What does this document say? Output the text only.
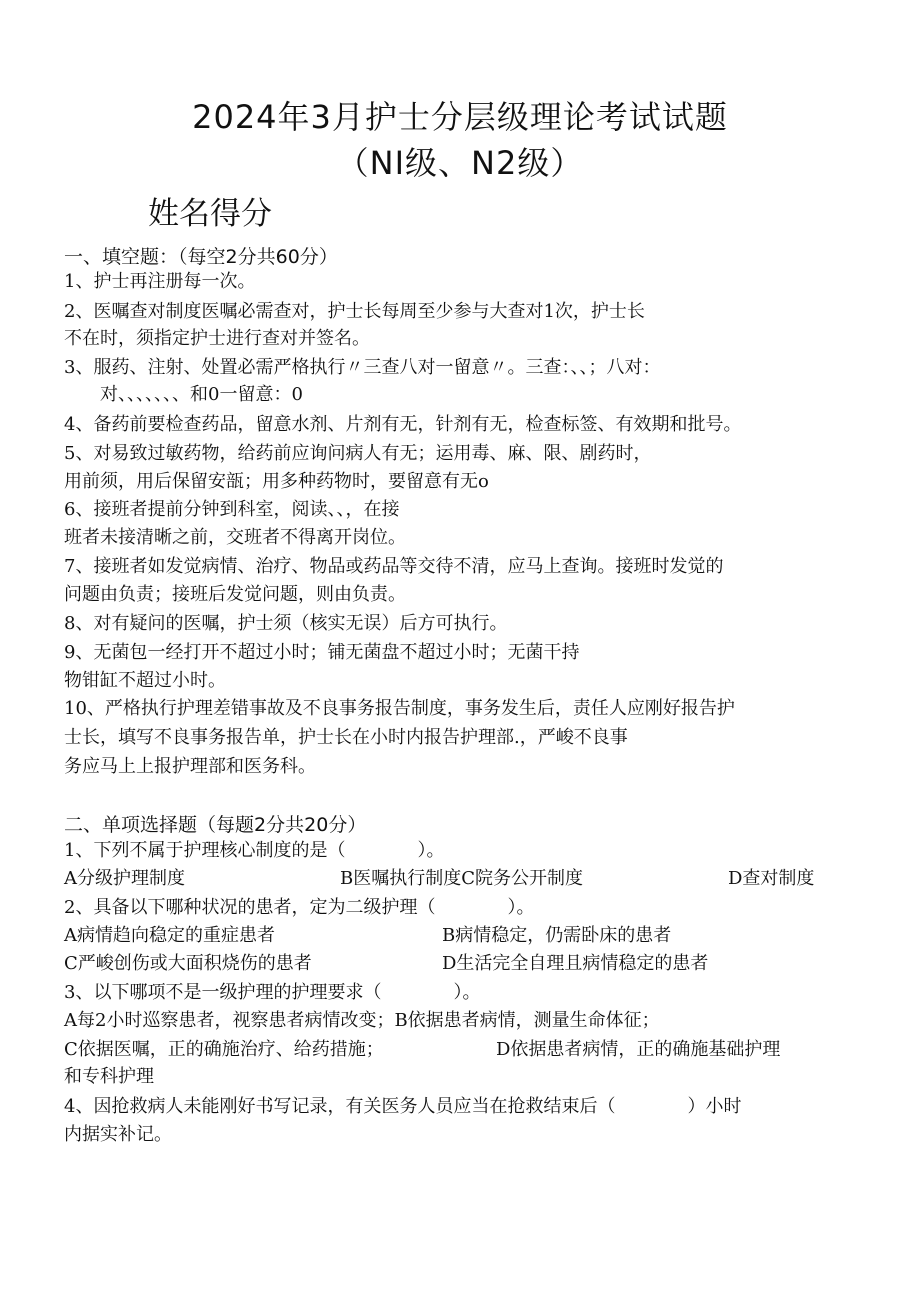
2024年3月护士分层级理论考试试题
（NI级、N2级）
姓名得分
一、填空题：（每空2分共60分）
1、护士再注册每一次。
2、医嘱查对制度医嘱必需查对，护士长每周至少参与大查对1次，护士长
不在时，须指定护士进行查对并签名。
3、服药、注射、处置必需严格执行〃三查八对一留意〃。三查：、、；八对：
　　对、、、、、、、和0一留意：0
4、备药前要检查药品，留意水剂、片剂有无，针剂有无，检查标签、有效期和批号。
5、对易致过敏药物，给药前应询问病人有无；运用毒、麻、限、剧药时，
用前须，用后保留安瓿；用多种药物时，要留意有无o
6、接班者提前分钟到科室，阅读、、，在接
班者未接清晰之前，交班者不得离开岗位。
7、接班者如发觉病情、治疗、物品或药品等交待不清，应马上查询。接班时发觉的
问题由负责；接班后发觉问题，则由负责。
8、对有疑问的医嘱，护士须（核实无误）后方可执行。
9、无菌包一经打开不超过小时；铺无菌盘不超过小时；无菌干持
物钳缸不超过小时。
10、严格执行护理差错事故及不良事务报告制度，事务发生后，责任人应刚好报告护
士长，填写不良事务报告单，护士长在小时内报告护理部.，严峻不良事
务应马上上报护理部和医务科。
二、单项选择题（每题2分共20分）
1、下列不属于护理核心制度的是（　　　　）。
A分级护理制度	B医嘱执行制度C院务公开制度	D查对制度
2、具备以下哪种状况的患者，定为二级护理（　　　　）。
A病情趋向稳定的重症患者	B病情稳定，仍需卧床的患者
C严峻创伤或大面积烧伤的患者	D生活完全自理且病情稳定的患者
3、以下哪项不是一级护理的护理要求（　　　　）。
A每2小时巡察患者，视察患者病情改变；B依据患者病情，测量生命体征；
C依据医嘱，正的确施治疗、给药措施；	D依据患者病情，正的确施基础护理
和专科护理
4、因抢救病人未能刚好书写记录，有关医务人员应当在抢救结束后（　　　　）小时
内据实补记。
